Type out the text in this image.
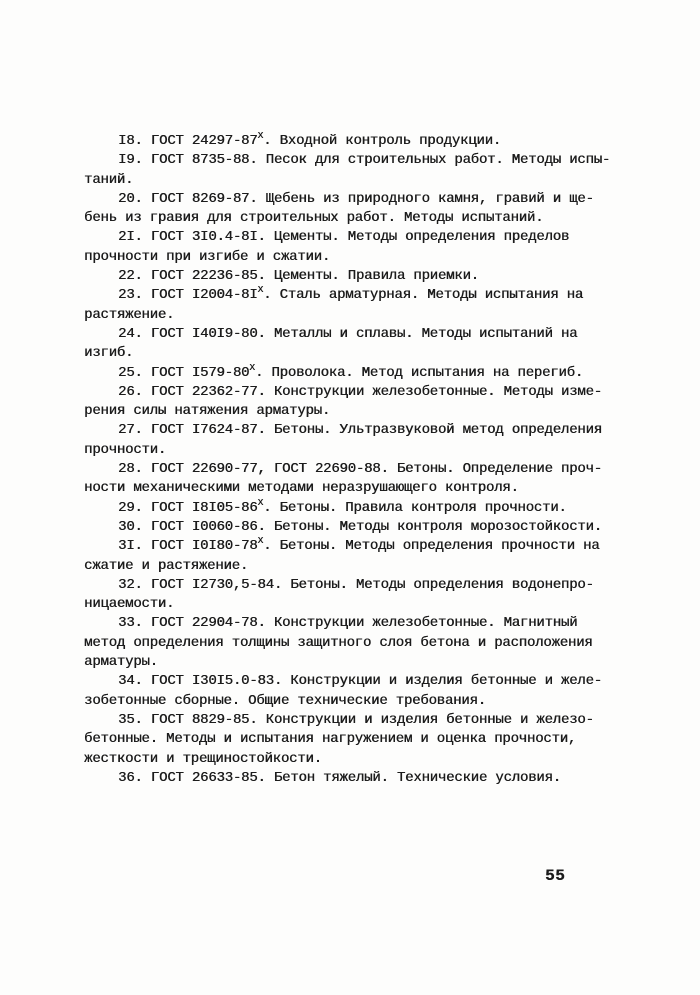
I8. ГОСТ $24297-87^X$. Входной контроль продукции.
I9. ГОСТ 8735-88. Песок для строительных работ. Методы испы-
таний.
20. ГОСТ 8269-87. Щебень из природного камня, гравий и ще-
бень из гравия для строительных работ. Методы испытаний.
2I. ГОСТ 3I0.4-8I. Цементы. Методы определения пределов
прочности при изгибе и сжатии.
22. ГОСТ 22236-85. Цементы. Правила приемки.
23. ГОСТ $I2004-8I^X$. Сталь арматурная. Методы испытания на
растяжение.
24. ГОСТ I40I9-80. Металлы и сплавы. Методы испытаний на
изгиб.
25. ГОСТ $I579-80^X$. Проволока. Метод испытания на перегиб.
26. ГОСТ 22362-77. Конструкции железобетонные. Методы изме-
рения силы натяжения арматуры.
27. ГОСТ I7624-87. Бетоны. Ультразвуковой метод определения
прочности.
28. ГОСТ 22690-77, ГОСТ 22690-88. Бетоны. Определение проч-
ности механическими методами неразрушающего контроля.
29. ГОСТ $I8I05-86^X$. Бетоны. Правила контроля прочности.
30. ГОСТ I0060-86. Бетоны. Методы контроля морозостойкости.
3I. ГОСТ $I0I80-78^X$. Бетоны. Методы определения прочности на
сжатие и растяжение.
32. ГОСТ I2730,5-84. Бетоны. Методы определения водонепро-
ницаемости.
33. ГОСТ 22904-78. Конструкции железобетонные. Магнитный
метод определения толщины защитного слоя бетона и расположения
арматуры.
34. ГОСТ I30I5.0-83. Конструкции и изделия бетонные и желе-
зобетонные сборные. Общие технические требования.
35. ГОСТ 8829-85. Конструкции и изделия бетонные и железо-
бетонные. Методы и испытания нагружением и оценка прочности,
жесткости и трещиностойкости.
36. ГОСТ 26633-85. Бетон тяжелый. Технические условия.
55
